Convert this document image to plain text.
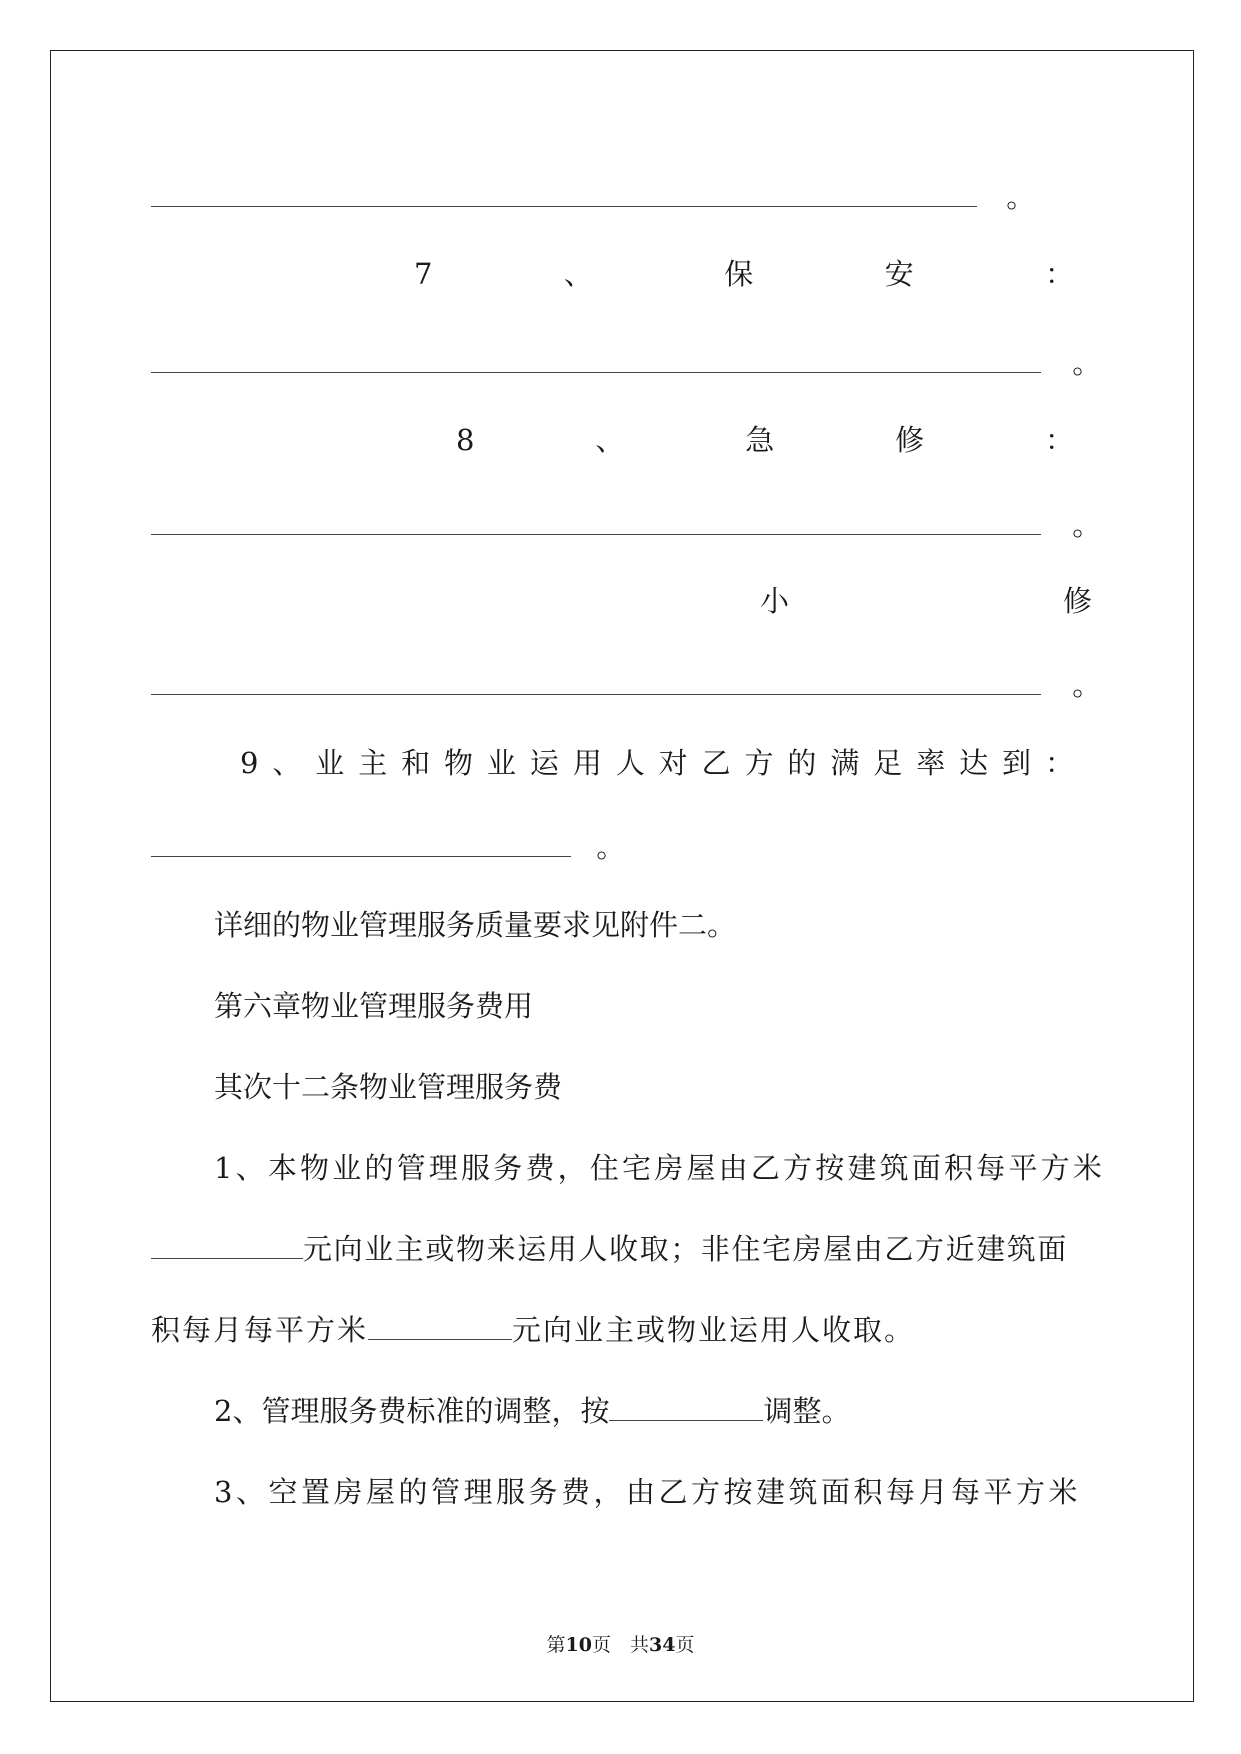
。
7	、	保	安	：
。
8	、	急	修	：
。
小	修
。
9 、 业 主 和 物 业 运 用 人 对 乙 方 的 满 足 率 达 到 ：
。
详细的物业管理服务质量要求见附件二。
第六章物业管理服务费用
其次十二条物业管理服务费
1、本物业的管理服务费，住宅房屋由乙方按建筑面积每平方米
元向业主或物来运用人收取；非住宅房屋由乙方近建筑面
积每月每平方米	元向业主或物业运用人收取。
2、管理服务费标准的调整，按	调整。
3、空置房屋的管理服务费，由乙方按建筑面积每月每平方米
第10页　共34页
